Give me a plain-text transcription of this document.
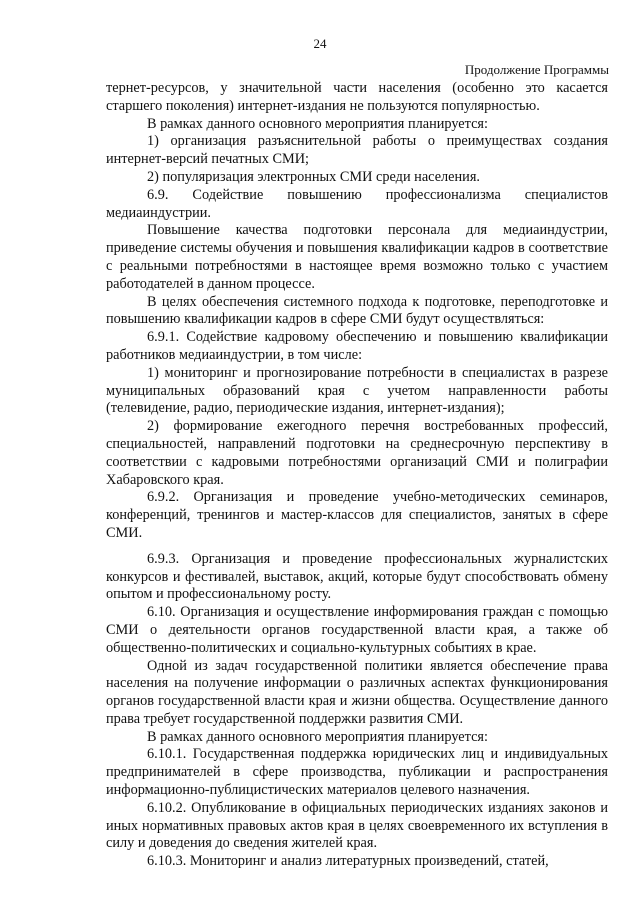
24
Продолжение Программы

тернет-ресурсов, у значительной части населения (особенно это касается старшего поколения) интернет-издания не пользуются популярностью.

В рамках данного основного мероприятия планируется:

1) организация разъяснительной работы о преимуществах создания интернет-версий печатных СМИ;

2) популяризация электронных СМИ среди населения.

6.9. Содействие повышению профессионализма специалистов медиаиндустрии.

Повышение качества подготовки персонала для медиаиндустрии, приведение системы обучения и повышения квалификации кадров в соответствие с реальными потребностями в настоящее время возможно только с участием работодателей в данном процессе.

В целях обеспечения системного подхода к подготовке, переподготовке и повышению квалификации кадров в сфере СМИ будут осуществляться:

6.9.1. Содействие кадровому обеспечению и повышению квалификации работников медиаиндустрии, в том числе:

1) мониторинг и прогнозирование потребности в специалистах в разрезе муниципальных образований края с учетом направленности работы (телевидение, радио, периодические издания, интернет-издания);

2) формирование ежегодного перечня востребованных профессий, специальностей, направлений подготовки на среднесрочную перспективу в соответствии с кадровыми потребностями организаций СМИ и полиграфии Хабаровского края.

6.9.2. Организация и проведение учебно-методических семинаров, конференций, тренингов и мастер-классов для специалистов, занятых в сфере СМИ.

6.9.3. Организация и проведение профессиональных журналистских конкурсов и фестивалей, выставок, акций, которые будут способствовать обмену опытом и профессиональному росту.

6.10. Организация и осуществление информирования граждан с помощью СМИ о деятельности органов государственной власти края, а также об общественно-политических и социально-культурных событиях в крае.

Одной из задач государственной политики является обеспечение права населения на получение информации о различных аспектах функционирования органов государственной власти края и жизни общества. Осуществление данного права требует государственной поддержки развития СМИ.

В рамках данного основного мероприятия планируется:

6.10.1. Государственная поддержка юридических лиц и индивидуальных предпринимателей в сфере производства, публикации и распространения информационно-публицистических материалов целевого назначения.

6.10.2. Опубликование в официальных периодических изданиях законов и иных нормативных правовых актов края в целях своевременного их вступления в силу и доведения до сведения жителей края.

6.10.3. Мониторинг и анализ литературных произведений, статей,
